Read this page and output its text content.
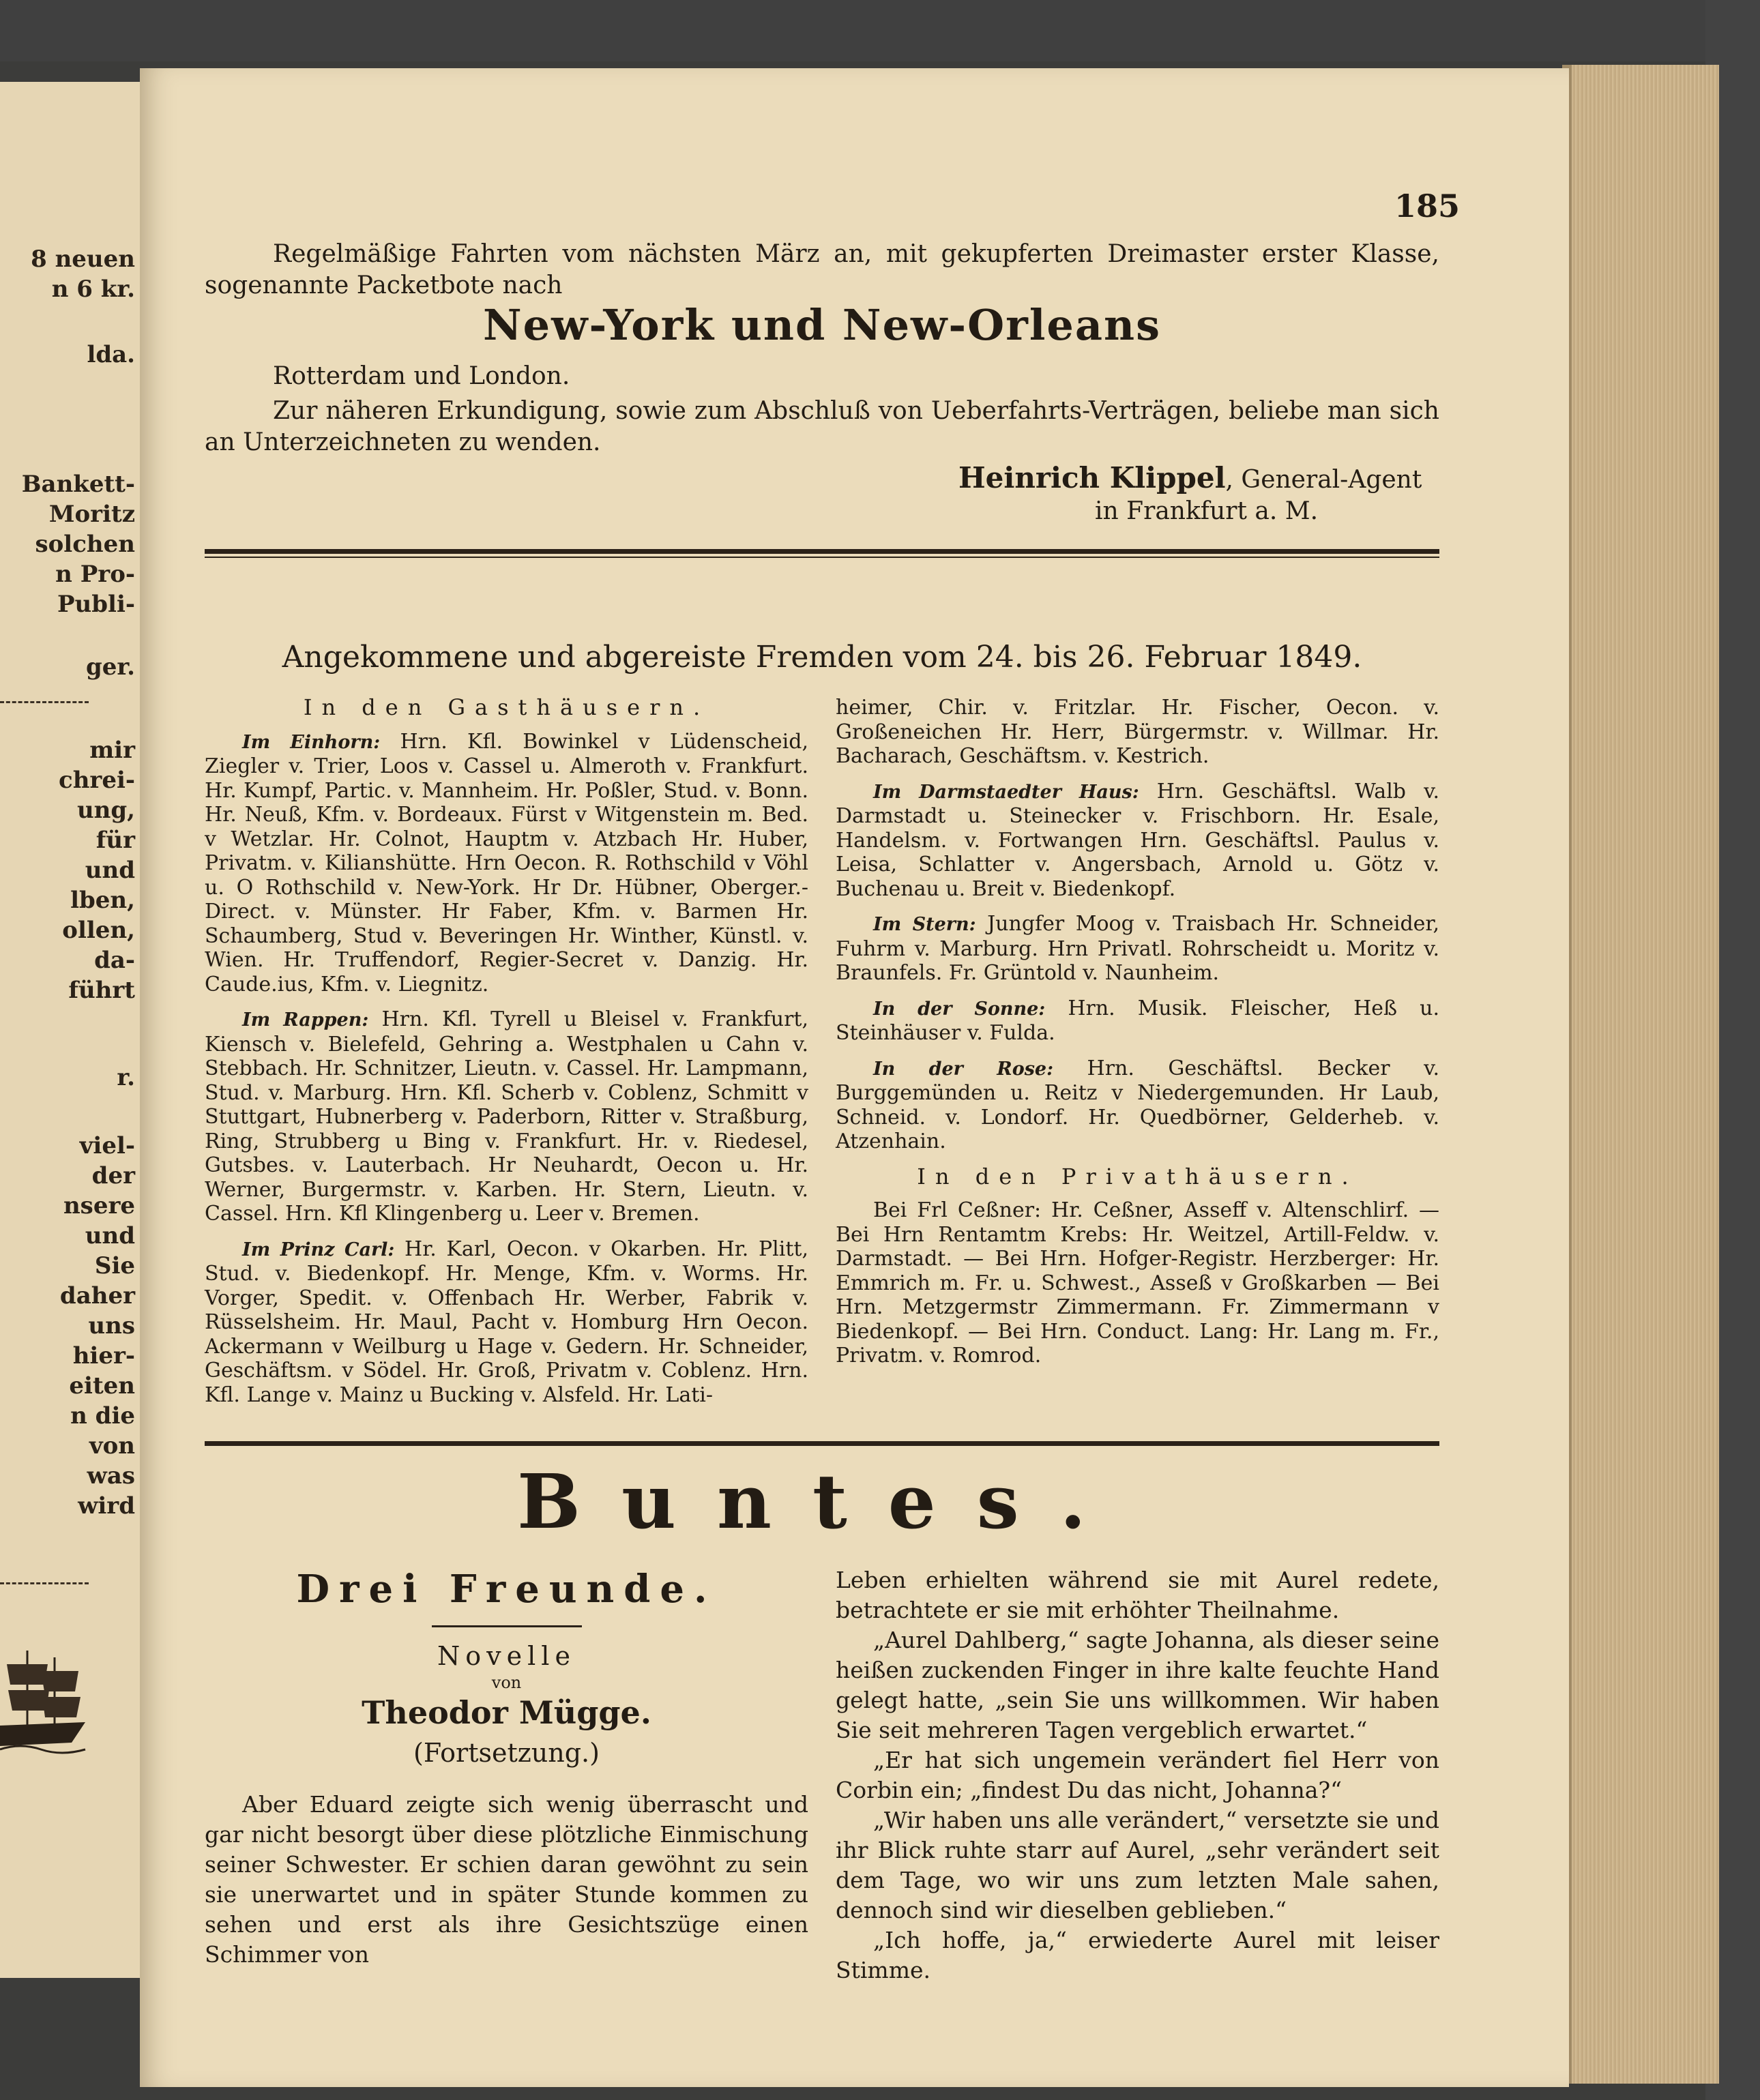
8 neuen
n 6 kr.
lda.
Bankett-
Moritz
solchen
n Pro-
Publi-
ger.
mir
chrei-
ung,
für
und
lben,
ollen,
da-
führt
r.
viel-
der
nsere
und
Sie
daher
uns
hier-
eiten
n die
von
was
wird
185
Regelmäßige Fahrten vom nächsten März an, mit gekupferten Dreimaster erster Klasse, sogenannte Packetbote nach
New-York und New-Orleans
Rotterdam und London.
Zur näheren Erkundigung, sowie zum Abschluß von Ueberfahrts-Verträgen, beliebe man sich an Unterzeichneten zu wenden.
Heinrich Klippel, General-Agent
in Frankfurt a. M.
Angekommene und abgereiste Fremden vom 24. bis 26. Februar 1849.

In den Gasthäusern.

Im Einhorn: Hrn. Kfl. Bowinkel v Lüdenscheid, Ziegler v. Trier, Loos v. Cassel u. Almeroth v. Frankfurt. Hr. Kumpf, Partic. v. Mannheim. Hr. Poßler, Stud. v. Bonn. Hr. Neuß, Kfm. v. Bordeaux. Fürst v Witgenstein m. Bed. v Wetzlar. Hr. Colnot, Hauptm v. Atzbach Hr. Huber, Privatm. v. Kilianshütte. Hrn Oecon. R. Rothschild v Vöhl u. O Rothschild v. New-York. Hr Dr. Hübner, Oberger.-Direct. v. Münster. Hr Faber, Kfm. v. Barmen Hr. Schaumberg, Stud v. Beveringen Hr. Winther, Künstl. v. Wien. Hr. Truffendorf, Regier-Secret v. Danzig. Hr. Caude.ius, Kfm. v. Liegnitz.

Im Rappen: Hrn. Kfl. Tyrell u Bleisel v. Frankfurt, Kiensch v. Bielefeld, Gehring a. Westphalen u Cahn v. Stebbach. Hr. Schnitzer, Lieutn. v. Cassel. Hr. Lampmann, Stud. v. Marburg. Hrn. Kfl. Scherb v. Coblenz, Schmitt v Stuttgart, Hubnerberg v. Paderborn, Ritter v. Straßburg, Ring, Strubberg u Bing v. Frankfurt. Hr. v. Riedesel, Gutsbes. v. Lauterbach. Hr Neuhardt, Oecon u. Hr. Werner, Burgermstr. v. Karben. Hr. Stern, Lieutn. v. Cassel. Hrn. Kfl Klingenberg u. Leer v. Bremen.

Im Prinz Carl: Hr. Karl, Oecon. v Okarben. Hr. Plitt, Stud. v. Biedenkopf. Hr. Menge, Kfm. v. Worms. Hr. Vorger, Spedit. v. Offenbach Hr. Werber, Fabrik v. Rüsselsheim. Hr. Maul, Pacht v. Homburg Hrn Oecon. Ackermann v Weilburg u Hage v. Gedern. Hr. Schneider, Geschäftsm. v Södel. Hr. Groß, Privatm v. Coblenz. Hrn. Kfl. Lange v. Mainz u Bucking v. Alsfeld. Hr. Lati-

heimer, Chir. v. Fritzlar. Hr. Fischer, Oecon. v. Großeneichen Hr. Herr, Bürgermstr. v. Willmar. Hr. Bacharach, Geschäftsm. v. Kestrich.

Im Darmstaedter Haus: Hrn. Geschäftsl. Walb v. Darmstadt u. Steinecker v. Frischborn. Hr. Esale, Handelsm. v. Fortwangen Hrn. Geschäftsl. Paulus v. Leisa, Schlatter v. Angersbach, Arnold u. Götz v. Buchenau u. Breit v. Biedenkopf.

Im Stern: Jungfer Moog v. Traisbach Hr. Schneider, Fuhrm v. Marburg. Hrn Privatl. Rohrscheidt u. Moritz v. Braunfels. Fr. Grüntold v. Naunheim.

In der Sonne: Hrn. Musik. Fleischer, Heß u. Steinhäuser v. Fulda.

In der Rose: Hrn. Geschäftsl. Becker v. Burggemünden u. Reitz v Niedergemunden. Hr Laub, Schneid. v. Londorf. Hr. Quedbörner, Gelderheb. v. Atzenhain.

In den Privathäusern.

Bei Frl Ceßner: Hr. Ceßner, Asseff v. Altenschlirf. — Bei Hrn Rentamtm Krebs: Hr. Weitzel, Artill-Feldw. v. Darmstadt. — Bei Hrn. Hofger-Registr. Herzberger: Hr. Emmrich m. Fr. u. Schwest., Asseß v Großkarben — Bei Hrn. Metzgermstr Zimmermann. Fr. Zimmermann v Biedenkopf. — Bei Hrn. Conduct. Lang: Hr. Lang m. Fr., Privatm. v. Romrod.

Buntes.

Drei Freunde.

Novelle

von

Theodor Mügge.

(Fortsetzung.)

Aber Eduard zeigte sich wenig überrascht und gar nicht besorgt über diese plötzliche Einmischung seiner Schwester. Er schien daran gewöhnt zu sein sie unerwartet und in später Stunde kommen zu sehen und erst als ihre Gesichtszüge einen Schimmer von

Leben erhielten während sie mit Aurel redete, betrachtete er sie mit erhöhter Theilnahme.

„Aurel Dahlberg,“ sagte Johanna, als dieser seine heißen zuckenden Finger in ihre kalte feuchte Hand gelegt hatte, „sein Sie uns willkommen. Wir haben Sie seit mehreren Tagen vergeblich erwartet.“

„Er hat sich ungemein verändert fiel Herr von Corbin ein; „findest Du das nicht, Johanna?“

„Wir haben uns alle verändert,“ versetzte sie und ihr Blick ruhte starr auf Aurel, „sehr verändert seit dem Tage, wo wir uns zum letzten Male sahen, dennoch sind wir dieselben geblieben.“

„Ich hoffe, ja,“ erwiederte Aurel mit leiser Stimme.
